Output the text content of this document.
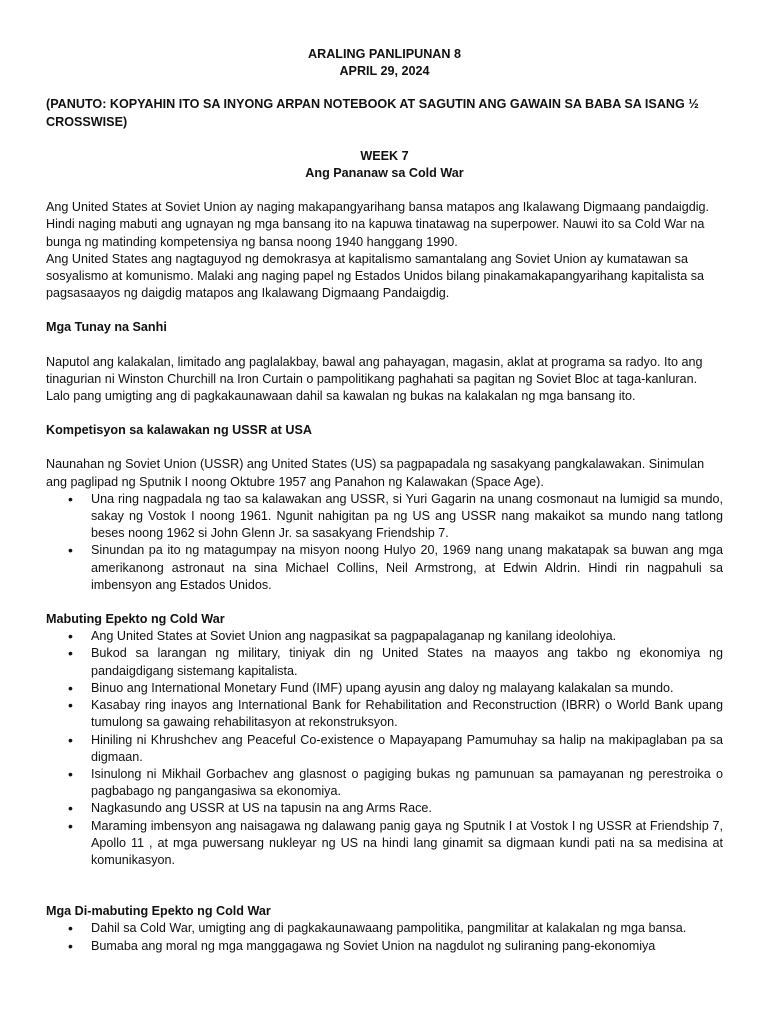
ARALING PANLIPUNAN 8
APRIL 29, 2024
(PANUTO: KOPYAHIN ITO SA INYONG ARPAN NOTEBOOK AT SAGUTIN ANG GAWAIN SA BABA SA ISANG ½ CROSSWISE)
WEEK 7
Ang Pananaw sa Cold War

Ang United States at Soviet Union ay naging makapangyarihang bansa matapos ang Ikalawang Digmaang pandaigdig. Hindi naging mabuti ang ugnayan ng mga bansang ito na kapuwa tinatawag na superpower. Nauwi ito sa Cold War na bunga ng matinding kompetensiya ng bansa noong 1940 hanggang 1990.

Ang United States ang nagtaguyod ng demokrasya at kapitalismo samantalang ang Soviet Union ay kumatawan sa sosyalismo at komunismo. Malaki ang naging papel ng Estados Unidos bilang pinakamakapangyarihang kapitalista sa pagsasaayos ng daigdig matapos ang Ikalawang Digmaang Pandaigdig.

Mga Tunay na Sanhi

Naputol ang kalakalan, limitado ang paglalakbay, bawal ang pahayagan, magasin, aklat at programa sa radyo. Ito ang tinagurian ni Winston Churchill na Iron Curtain o pampolitikang paghahati sa pagitan ng Soviet Bloc at taga-kanluran. Lalo pang umigting ang di pagkakaunawaan dahil sa kawalan ng bukas na kalakalan ng mga bansang ito.

Kompetisyon sa kalawakan ng USSR at USA

Naunahan ng Soviet Union (USSR) ang United States (US) sa pagpapadala ng sasakyang pangkalawakan. Sinimulan ang paglipad ng Sputnik I noong Oktubre 1957 ang Panahon ng Kalawakan (Space Age).

• Una ring nagpadala ng tao sa kalawakan ang USSR, si Yuri Gagarin na unang cosmonaut na lumigid sa mundo, sakay ng Vostok I noong 1961. Ngunit nahigitan pa ng US ang USSR nang makaikot sa mundo nang tatlong beses noong 1962 si John Glenn Jr. sa sasakyang Friendship 7.
• Sinundan pa ito ng matagumpay na misyon noong Hulyo 20, 1969 nang unang makatapak sa buwan ang mga amerikanong astronaut na sina Michael Collins, Neil Armstrong, at Edwin Aldrin. Hindi rin nagpahuli sa imbensyon ang Estados Unidos.
Mabuting Epekto ng Cold War
• Ang United States at Soviet Union ang nagpasikat sa pagpapalaganap ng kanilang ideolohiya.
• Bukod sa larangan ng military, tiniyak din ng United States na maayos ang takbo ng ekonomiya ng pandaigdigang sistemang kapitalista.
• Binuo ang International Monetary Fund (IMF) upang ayusin ang daloy ng malayang kalakalan sa mundo.
• Kasabay ring inayos ang International Bank for Rehabilitation and Reconstruction (IBRR) o World Bank upang tumulong sa gawaing rehabilitasyon at rekonstruksyon.
• Hiniling ni Khrushchev ang Peaceful Co-existence o Mapayapang Pamumuhay sa halip na makipaglaban pa sa digmaan.
• Isinulong ni Mikhail Gorbachev ang glasnost o pagiging bukas ng pamunuan sa pamayanan ng perestroika o pagbabago ng pangangasiwa sa ekonomiya.
• Nagkasundo ang USSR at US na tapusin na ang Arms Race.
• Maraming imbensyon ang naisagawa ng dalawang panig gaya ng Sputnik I at Vostok I ng USSR at Friendship 7, Apollo 11 , at mga puwersang nukleyar ng US na hindi lang ginamit sa digmaan kundi pati na sa medisina at komunikasyon.
Mga Di-mabuting Epekto ng Cold War
• Dahil sa Cold War, umigting ang di pagkakaunawaang pampolitika, pangmilitar at kalakalan ng mga bansa.
• Bumaba ang moral ng mga manggagawa ng Soviet Union na nagdulot ng suliraning pang-ekonomiya
